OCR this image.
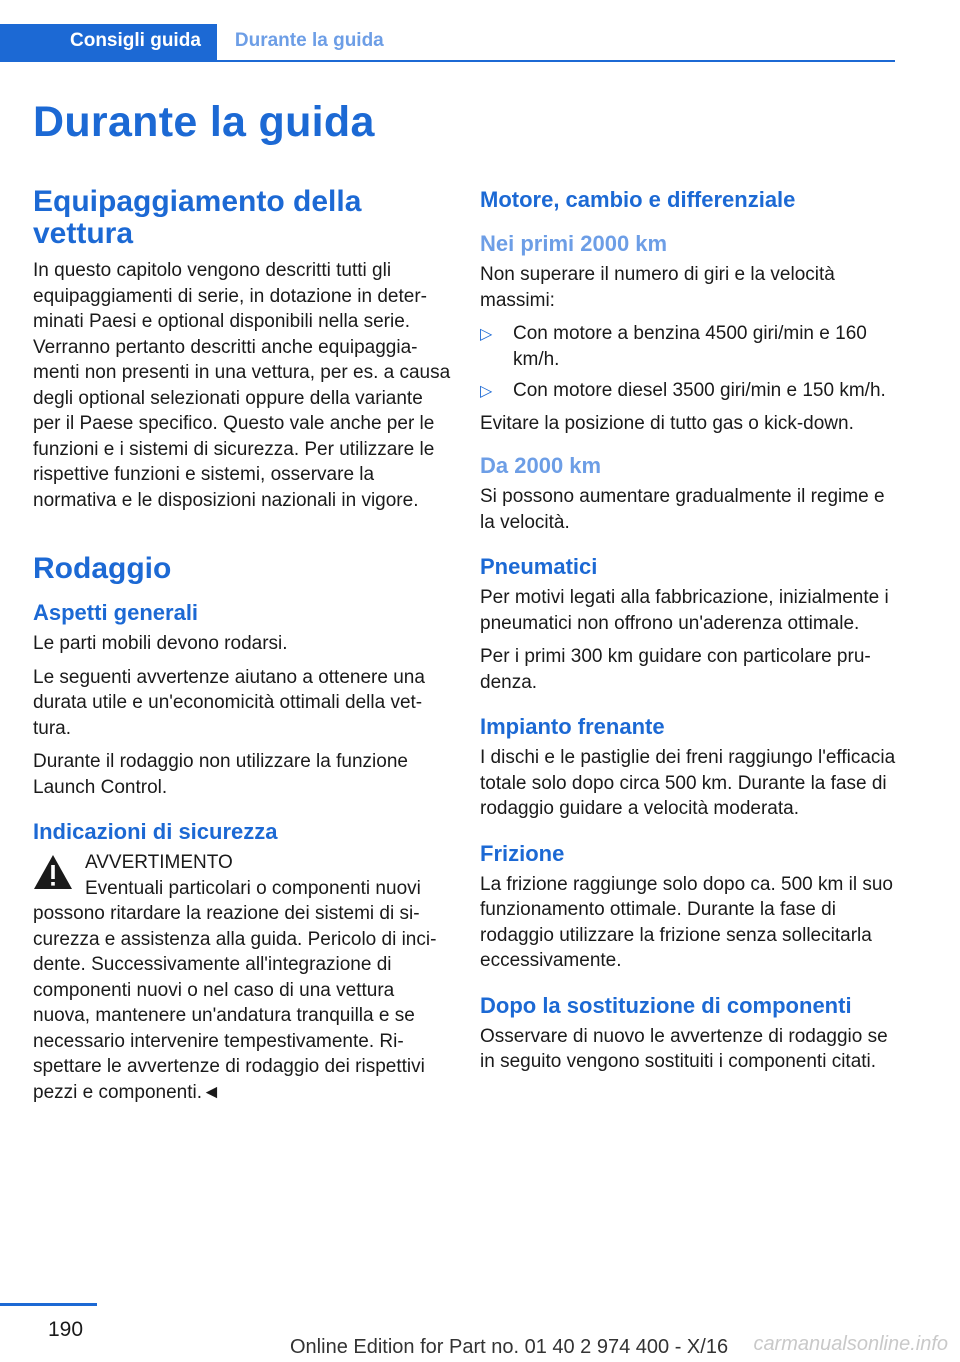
Consigli guida	Durante la guida
Durante la guida
Equipaggiamento della vettura

In questo capitolo vengono descritti tutti gli equipaggiamenti di serie, in dotazione in determinati Paesi e optional disponibili nella serie. Verranno pertanto descritti anche equipaggiamenti non presenti in una vettura, per es. a causa degli optional selezionati oppure della variante per il Paese specifico. Questo vale anche per le funzioni e i sistemi di sicurezza. Per utilizzare le rispettive funzioni e sistemi, osservare la normativa e le disposizioni nazionali in vigore.

Rodaggio
Aspetti generali

Le parti mobili devono rodarsi.

Le seguenti avvertenze aiutano a ottenere una durata utile e un'economicità ottimali della vettura.

Durante il rodaggio non utilizzare la funzione Launch Control.

Indicazioni di sicurezza

AVVERTIMENTO

Eventuali particolari o componenti nuovi

possono ritardare la reazione dei sistemi di sicurezza e assistenza alla guida. Pericolo di incidente. Successivamente all'integrazione di componenti nuovi o nel caso di una vettura nuova, mantenere un'andatura tranquilla e se necessario intervenire tempestivamente. Rispettare le avvertenze di rodaggio dei rispettivi pezzi e componenti.◄

Motore, cambio e differenziale
Nei primi 2000 km

Non superare il numero di giri e la velocità massimi:

▷	Con motore a benzina 4500 giri/min e 160 km/h.
▷	Con motore diesel 3500 giri/min e 150 km/h.

Evitare la posizione di tutto gas o kick-down.

Da 2000 km

Si possono aumentare gradualmente il regime e la velocità.

Pneumatici

Per motivi legati alla fabbricazione, inizialmente i pneumatici non offrono un'aderenza ottimale.

Per i primi 300 km guidare con particolare prudenza.

Impianto frenante

I dischi e le pastiglie dei freni raggiungo l'efficacia totale solo dopo circa 500 km. Durante la fase di rodaggio guidare a velocità moderata.

Frizione

La frizione raggiunge solo dopo ca. 500 km il suo funzionamento ottimale. Durante la fase di rodaggio utilizzare la frizione senza sollecitarla eccessivamente.

Dopo la sostituzione di componenti

Osservare di nuovo le avvertenze di rodaggio se in seguito vengono sostituiti i componenti citati.

190
Online Edition for Part no. 01 40 2 974 400 - X/16 carmanualsonline.info
